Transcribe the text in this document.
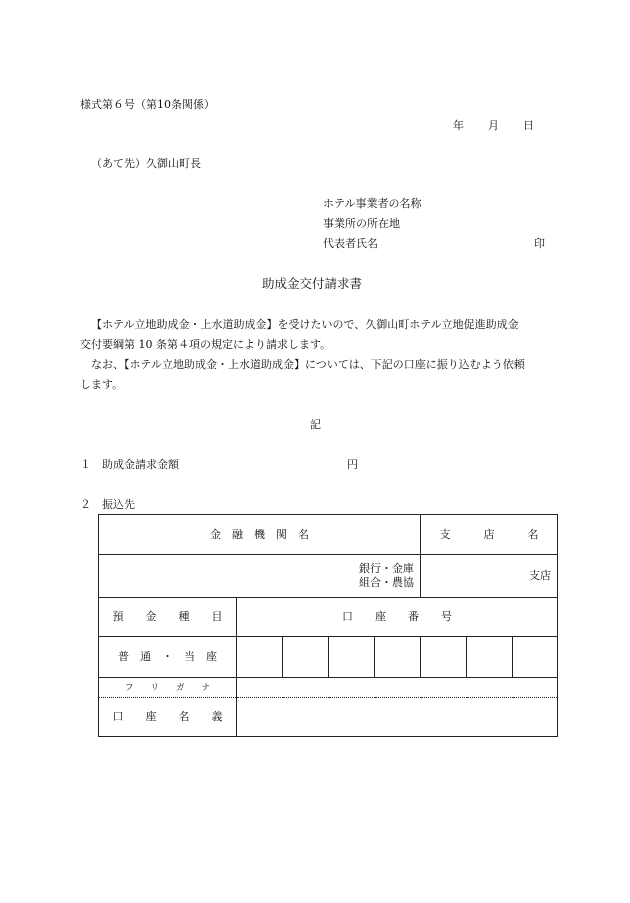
様式第６号（第10条関係）
年 月 日
（あて先）久御山町長
ホテル事業者の名称
事業所の所在地
代表者氏名	印
助成金交付請求書
【ホテル立地助成金・上水道助成金】を受けたいので、久御山町ホテル立地促進助成金
交付要綱第 10 条第４項の規定により請求します。
なお、【ホテル立地助成金・上水道助成金】については、下記の口座に振り込むよう依頼
します。
記
１ 助成金請求金額	円
２ 振込先
金　融　機　関　名					支　　　店　　　名		

銀行・金庫
組合・農協					支店		
預　　金　　種　　目	口　　座　　番　　号						
普　通　・　当　座							
フ　　リ　　ガ　　ナ							
口　　座　　名　　義							
